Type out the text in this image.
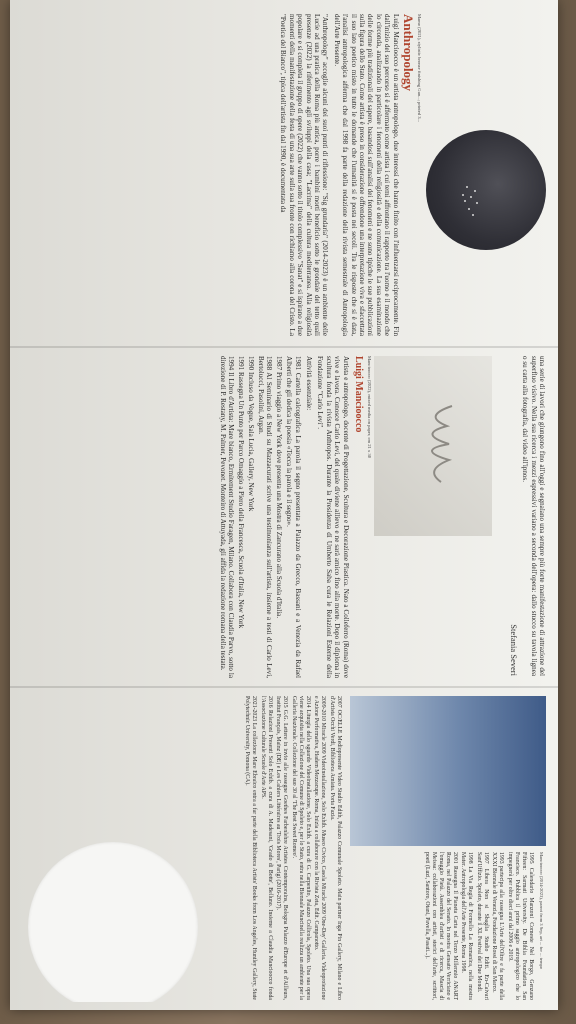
Mamo (2021), stylistic bronze finishing Gun...; printed 3...
Anthropology

Luigi Mancioocco è un artista antropologo, due interessi che hanno finito con l'influenzarsi reciprocamente. Fin dall'inizio del suo percorso si è affermato come artista i cui temi affrontano il rapporto tra l'uomo e il mondo che lo circonda, analizzando in particolare i fenomeni della religiosità e della comunicazione. La sua esaminazione delle forme più tradizionali del sapere, basandosi sull'analisi dei fenomeni e ne sono tipiche le sue pubblicazioni sulla figura dello Stato. Come artista è preso in considerazione offrendone una interpretazione viva e sfaccettata il suo lato poetico misto in tutte le domande che l'umanità si è posta nei secoli. Tra le risposte che si è data, l'analisi antropologica afferma che dal 1998 fa parte della redazione della rivista semestrale di Antropologia dell'Arte Presente.

"Anthropology" accoglie alcuni dei suoi punti di riflessione: "Sig grundaria" (2014-2023) è un ambiente delle Lucie ad una pratica della Roma più antica, porre i bambini morti beneficio sotto le grondaie del tetto quali presenze (2022) la riferimento agli sviluppi della casa; "Lacrima" della cultura mediterranea. Alla religiosità popolare e si completa il gruppo di opere (2022) che vanno sotto il titolo complessivo "Sanat" e si ispirano a due momenti della manifestazione della festa di una sua arte sulla sua fronte con richiamo alla corona del Cristo. La "Poetica del Bianco", tipica dell'artista fin dal 1990, è documentata da

una serie di lavori che giungono fino all'oggi e segnalano una sempre più forte manifestazione di attrazione del superfluo visivo. Nella sua ricerca i mezzi espressivi variano a seconda dell'opera: dallo stucco su tavola lignea o su carta alla fotografia, dal video all'ipnos.

Stefania Severi
Mancioocco (2022), mixed media on paper, cm 21 x 30
Luigi Mancioocco

Artista e antropologo, docente di Progettazione, Scultura e Decorazione Plastica. Nato a Colleferro (Roma) dove vive e lavora. Conosce Carlo Levi, del quale diviene allievo e ne sarà amico fino alla morte. Dopo il diploma in scultura fonda la rivista Anthropos. Durante la Presidenza di Umberto Saba cura le Relazioni Esterne della Fondazione "Carlo Levi".

Attività essenziale:

1981 Cartella calcografica La parola il segno presentata a Palazzo da Grecco, Bassani e a Venezia da Rafael Alberti che gli dedica la poesia «Tocca la parola e il segno».

1987 Primo viaggio a New York dove presenta una Mostra di Zancurano alla Scuola d'Italia.

1988 Al Seminario di Studi su Mazzacurati scrive una testimonianza sull'artista, insieme a testi di Carlo Levi, Bertolucci, Pasolini, Argan.

1990 Incluso da Vogue, Sala Lucia, Gallery, New York

1991 Rassegna Un Punto per Parco Omaggio a Piero della Francesca, Scuola d'Italia, New York

1994 Il Libro d'Artista: Mare bianco, Ermitement Studio Faragen, Milano. Collabora con Claudia Parvo, sotto la direzione di P. Restany, M. Palmer, Pevonet. Monteiro di Attuyada, gli affida la redazione romana della testata.

Mancioocco (2014-2023), parrot from 3 Sep, art ... for ... tempo

1995 Calendario Manzoni Comeste Nel Borgo, Genzano Fifteen: Sarmati University. De Biblia Foundation San Francisco. Pubblica il primo saggio antropologico che lo impegnerà per oltre dieci anni dal 2006 e 2019.

1993 partecipa alla rassegna L'Arte dell'Oltre e fa parte della XXXI Biennale di Venezia, Fondazione Rossi di San Marco.

1997 Libera Non si Sbaglia Studio Editi. En-Caivari Sant'Uffizio. Spoleto, durante il XL Festival dei Due Mondi.

1998 La Via Regia di Formello La Romanica, nella mostra Mater. Antropologia dell'Arte Presente, Roma 1998.

2001 Rassegna Il Pianeta Carta nel Terzo Millennio ANART Roma, nel Palazzo del Senato. In mostra Gensato Verriciano e l'omaggio Pietà. Assemblea d'artisti e di ricerca, Mascia di Meissa: collaborazioni con artisti, storici dell'arte, scrittori, poeti (Luzi, Santoro, Otani, Pavella, Pasati...).

2007 OC/ELLE Mediopresente Video Studio Edith, Palazzo Comunale Spoleto. Main partner Inga Pin Gallery, Milano e Libro d'Artista Occhi Verdi, Biblioteca Amiata. Porta Fazia.

2009-2010 Miracle 2009 Videoinstallazione, Solo Exhib. Museo Civico, Casola Miracle 2009 'One-Day' Galleria. Videoproiezione e Azione Performativa, Hadem Mezzacupe. Roma, Inizia a collaborare con la Rivista Zeta, Edit. Campanotto.

2014 Liturgia dello sguardo Videoinstallazione, Solo Exhib. a cura di G. Carpenito, Palazzo Collicola, Spoleto. Una sua opera viene acquisita nella Collezione del Comune di Spoleto e, per lo Stato, entra nella Biennale Mancinella realizza un ambiente per la Galleria Nazionale. Collezione del suo 30 al 'The Best Sweet Romeo'.

2015 G.G. Lettere in invio alle rassegne Goethes Farbenlehre Artistes Contemporains, Bologna Palazzo d'Europe et d'Ailleurs, Institut Français, Mainz (DE) e Les Cahiers Littéraires au 'Trois Mores', Parigi (2016-2017).

2016 Relazioni Presenti Solo Exhib. a cura di A. Madesani, 'Grado di Botte', Belluno. Insieme a Claudia Mancioocco fonda l'Associazione Culturale Scuole d'Arte APS.

2021-2023 La collezione Mare Ebraico entra a far parte della Biblioteca Artists' Books from Los Angeles, Huntley Gallery, State Polytechnic University, Pomona (CA).
